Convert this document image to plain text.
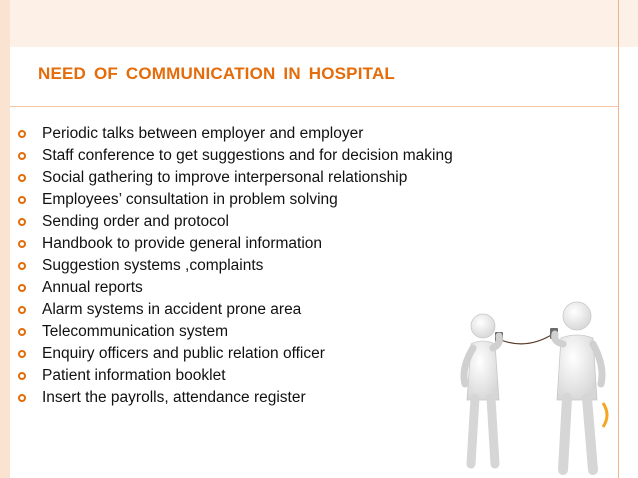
NEED OF COMMUNICATION IN HOSPITAL
Periodic talks between employer and employer
Staff conference to get suggestions and for decision making
Social gathering to improve interpersonal relationship
Employees’ consultation in problem solving
Sending order and protocol
Handbook to provide general information
Suggestion systems ,complaints
Annual reports
Alarm systems in accident prone area
Telecommunication system
Enquiry officers and public relation officer
Patient information booklet
Insert the payrolls, attendance register
